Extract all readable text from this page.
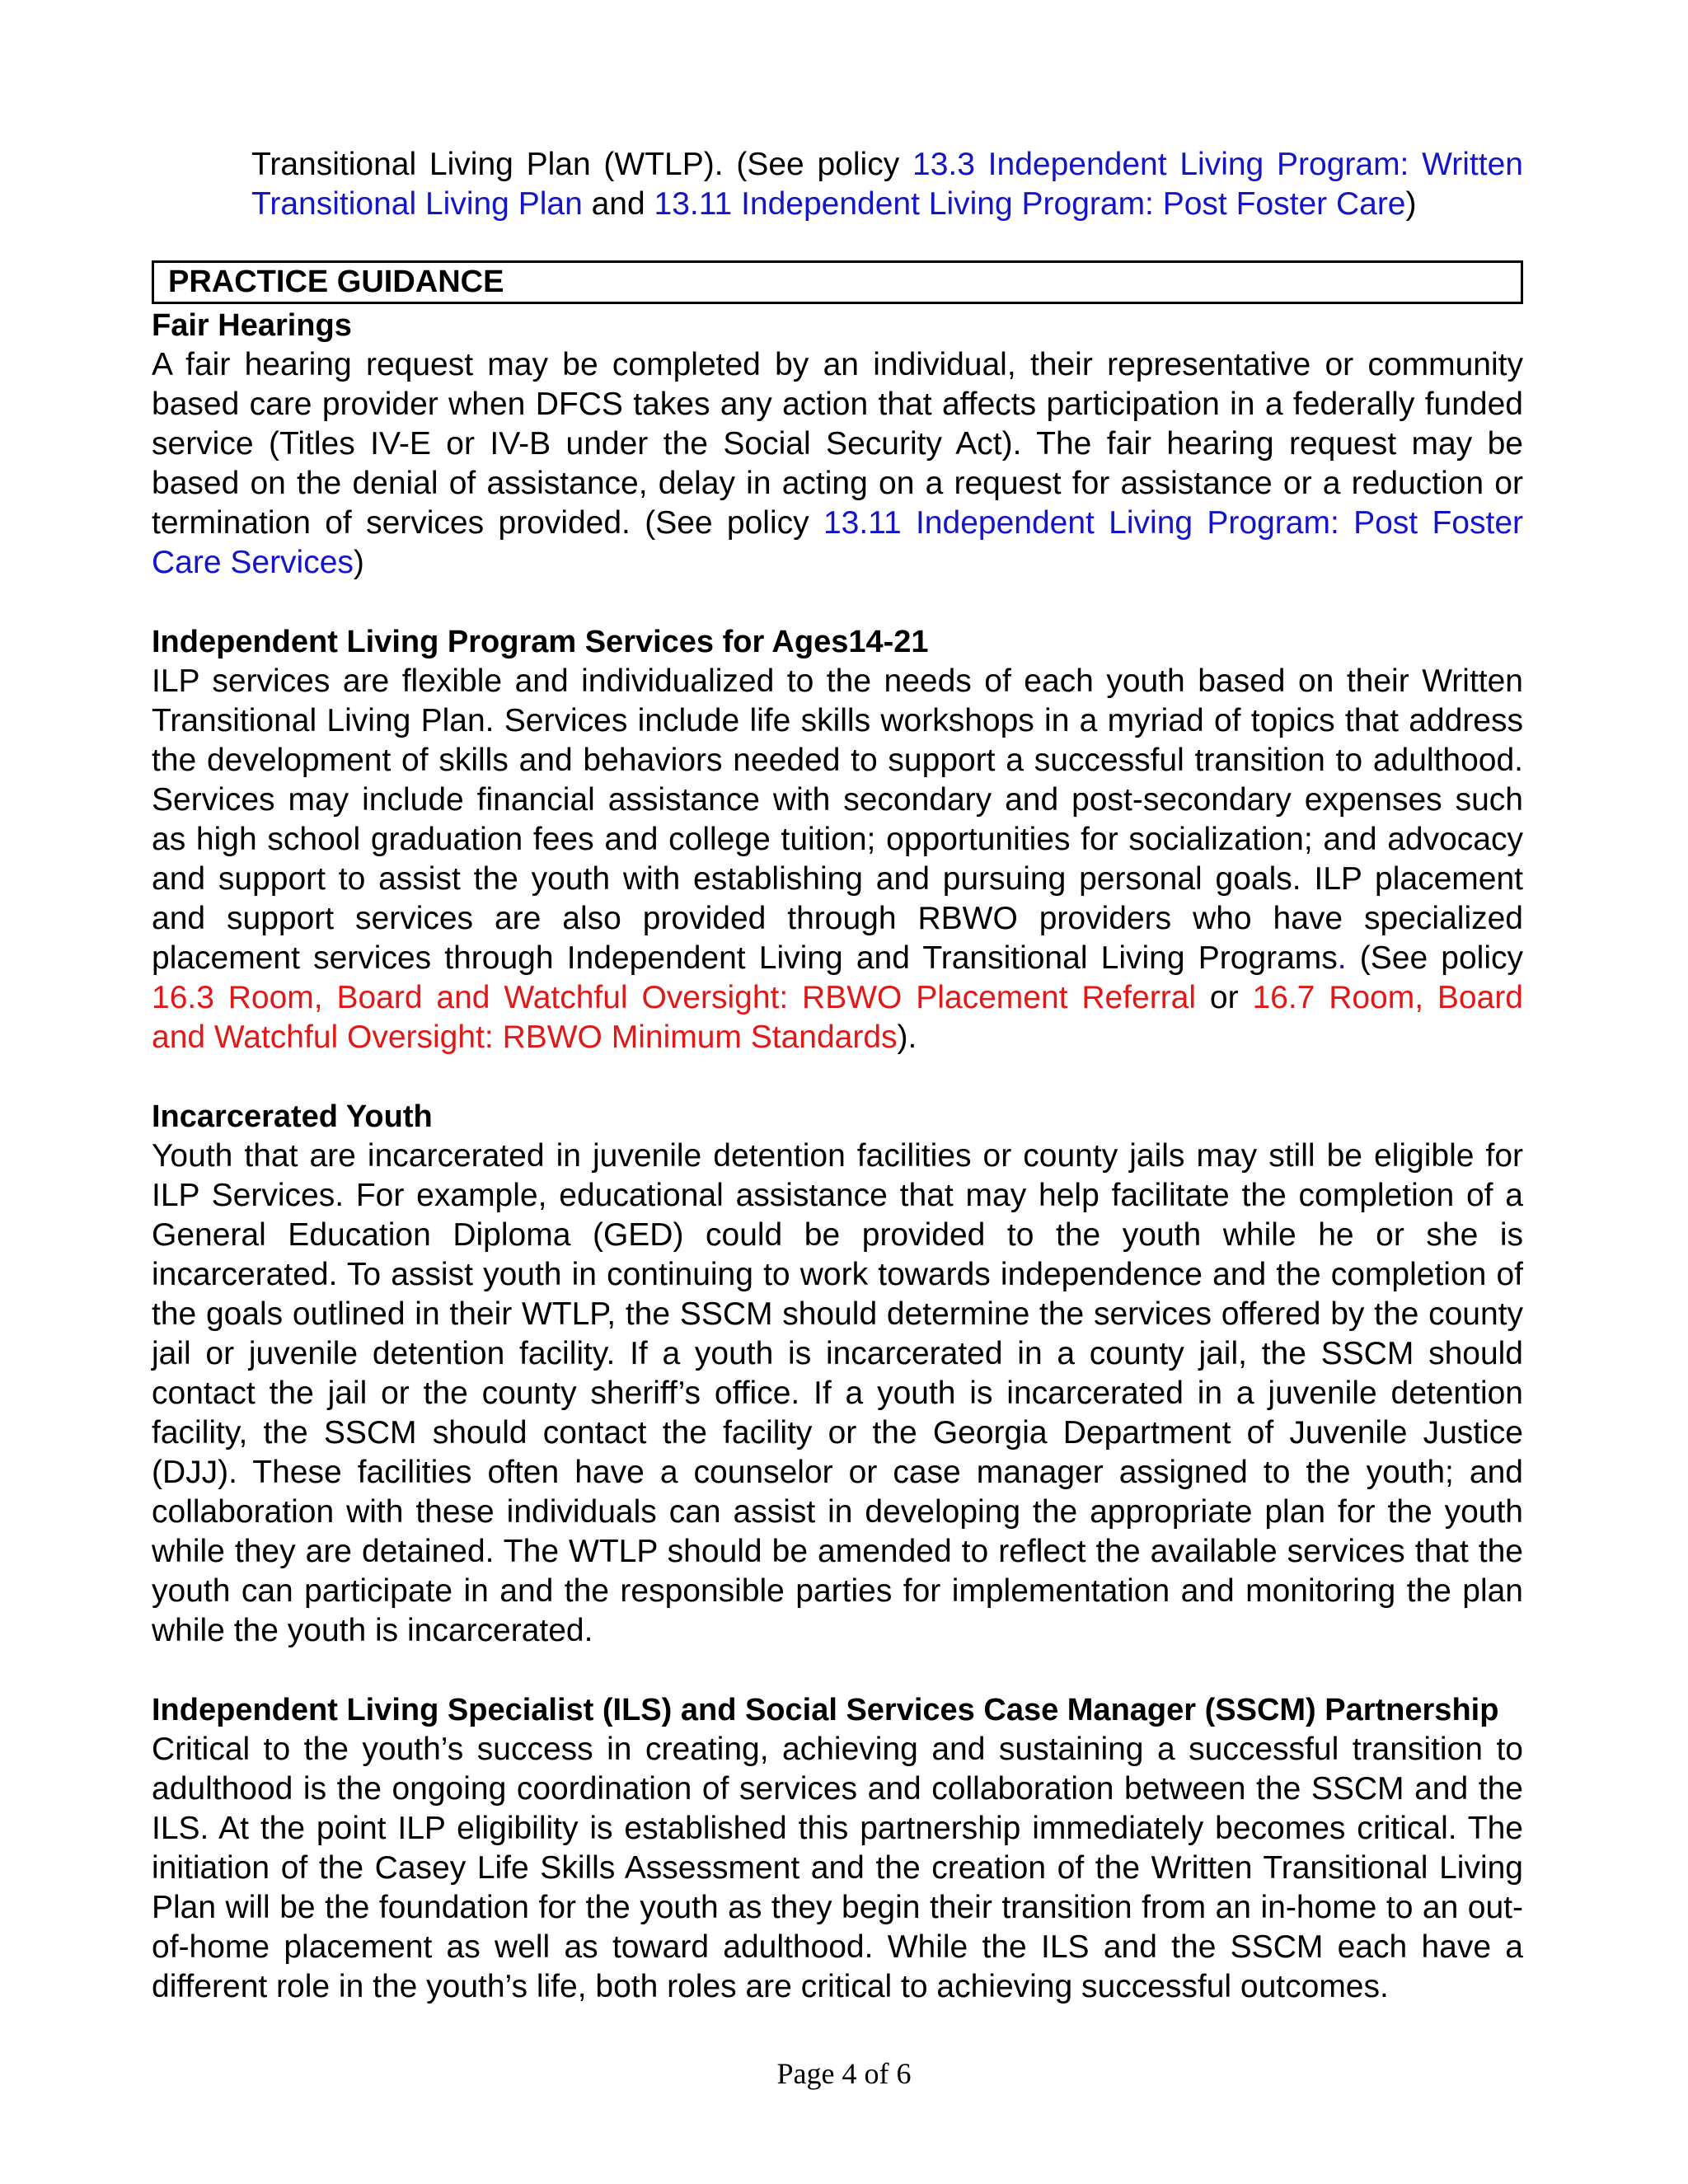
Transitional Living Plan (WTLP). (See policy 13.3 Independent Living Program: Written Transitional Living Plan and 13.11 Independent Living Program: Post Foster Care)

PRACTICE GUIDANCE
Fair Hearings

A fair hearing request may be completed by an individual, their representative or community based care provider when DFCS takes any action that affects participation in a federally funded service (Titles IV-E or IV-B under the Social Security Act). The fair hearing request may be based on the denial of assistance, delay in acting on a request for assistance or a reduction or termination of services provided. (See policy 13.11 Independent Living Program: Post Foster Care Services)

Independent Living Program Services for Ages14-21

ILP services are flexible and individualized to the needs of each youth based on their Written Transitional Living Plan. Services include life skills workshops in a myriad of topics that address the development of skills and behaviors needed to support a successful transition to adulthood. Services may include financial assistance with secondary and post-secondary expenses such as high school graduation fees and college tuition; opportunities for socialization; and advocacy and support to assist the youth with establishing and pursuing personal goals. ILP placement and support services are also provided through RBWO providers who have specialized placement services through Independent Living and Transitional Living Programs. (See policy 16.3 Room, Board and Watchful Oversight: RBWO Placement Referral or 16.7 Room, Board and Watchful Oversight: RBWO Minimum Standards).

Incarcerated Youth

Youth that are incarcerated in juvenile detention facilities or county jails may still be eligible for ILP Services. For example, educational assistance that may help facilitate the completion of a General Education Diploma (GED) could be provided to the youth while he or she is incarcerated. To assist youth in continuing to work towards independence and the completion of the goals outlined in their WTLP, the SSCM should determine the services offered by the county jail or juvenile detention facility. If a youth is incarcerated in a county jail, the SSCM should contact the jail or the county sheriff’s office. If a youth is incarcerated in a juvenile detention facility, the SSCM should contact the facility or the Georgia Department of Juvenile Justice (DJJ). These facilities often have a counselor or case manager assigned to the youth; and collaboration with these individuals can assist in developing the appropriate plan for the youth while they are detained. The WTLP should be amended to reflect the available services that the youth can participate in and the responsible parties for implementation and monitoring the plan while the youth is incarcerated.

Independent Living Specialist (ILS) and Social Services Case Manager (SSCM) Partnership

Critical to the youth’s success in creating, achieving and sustaining a successful transition to adulthood is the ongoing coordination of services and collaboration between the SSCM and the ILS. At the point ILP eligibility is established this partnership immediately becomes critical. The initiation of the Casey Life Skills Assessment and the creation of the Written Transitional Living Plan will be the foundation for the youth as they begin their transition from an in-home to an out- of-home placement as well as toward adulthood. While the ILS and the SSCM each have a different role in the youth’s life, both roles are critical to achieving successful outcomes.

Page 4 of 6
